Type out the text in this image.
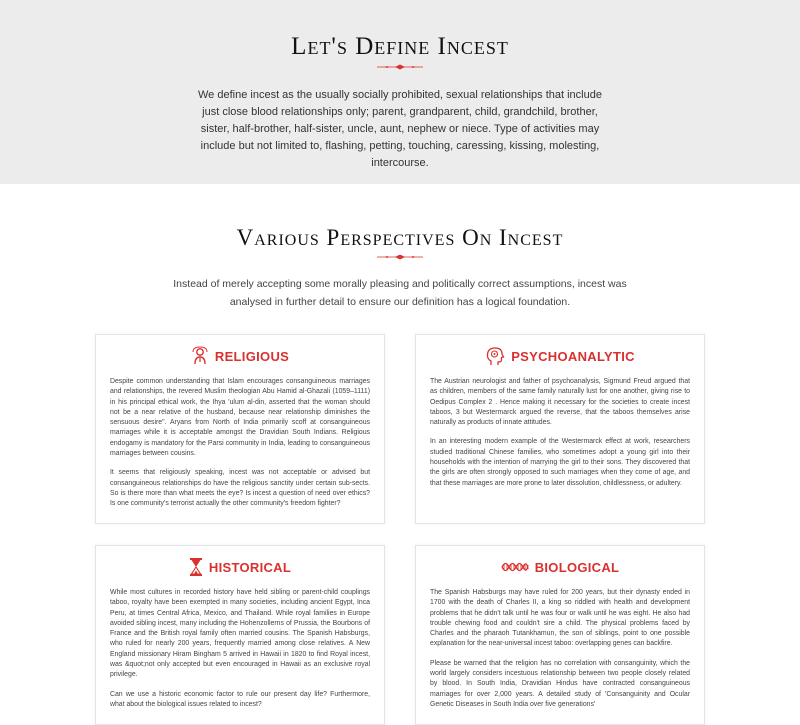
Let's Define Incest

We define incest as the usually socially prohibited, sexual relationships that include just close blood relationships only; parent, grandparent, child, grandchild, brother, sister, half-brother, half-sister, uncle, aunt, nephew or niece. Type of activities may include but not limited to, flashing, petting, touching, caressing, kissing, molesting, intercourse.

Various Perspectives On Incest

Instead of merely accepting some morally pleasing and politically correct assumptions, incest was analysed in further detail to ensure our definition has a logical foundation.

RELIGIOUS

Despite common understanding that Islam encourages consanguineous marriages and relationships, the revered Muslim theologian Abu Hamid al-Ghazali (1059–1111) in his principal ethical work, the Ihya 'ulum al-din, asserted that the woman should not be a near relative of the husband, because near relationship diminishes the sensuous desire". Aryans from North of India primarily scoff at consanguineous marriages while it is acceptable amongst the Dravidian South Indians. Religious endogamy is mandatory for the Parsi community in India, leading to consanguineous marriages between cousins.

It seems that religiously speaking, incest was not acceptable or advised but consanguineous relationships do have the religious sanctity under certain sub-sects. So is there more than what meets the eye? Is incest a question of need over ethics? Is one community's terrorist actually the other community's freedom fighter?

PSYCHOANALYTIC

The Austrian neurologist and father of psychoanalysis, Sigmund Freud argued that as children, members of the same family naturally lust for one another, giving rise to Oedipus Complex 2 . Hence making it necessary for the societies to create incest taboos, 3 but Westermarck argued the reverse, that the taboos themselves arise naturally as products of innate attitudes.

In an interesting modern example of the Westermarck effect at work, researchers studied traditional Chinese families, who sometimes adopt a young girl into their households with the intention of marrying the girl to their sons. They discovered that the girls are often strongly opposed to such marriages when they come of age, and that these marriages are more prone to later dissolution, childlessness, or adultery.

HISTORICAL

While most cultures in recorded history have held sibling or parent-child couplings taboo, royalty have been exempted in many societies, including ancient Egypt, Inca Peru, at times Central Africa, Mexico, and Thailand. While royal families in Europe avoided sibling incest, many including the Hohenzollerns of Prussia, the Bourbons of France and the British royal family often married cousins. The Spanish Habsburgs, who ruled for nearly 200 years, frequently married among close relatives. A New England missionary Hiram Bingham 5 arrived in Hawaii in 1820 to find Royal incest, was &quot;not only accepted but even encouraged in Hawaii as an exclusive royal privilege.

Can we use a historic economic factor to rule our present day life? Furthermore, what about the biological issues related to incest?

BIOLOGICAL

The Spanish Habsburgs may have ruled for 200 years, but their dynasty ended in 1700 with the death of Charles II, a king so riddled with health and development problems that he didn't talk until he was four or walk until he was eight. He also had trouble chewing food and couldn't sire a child. The physical problems faced by Charles and the pharaoh Tutankhamun, the son of siblings, point to one possible explanation for the near-universal incest taboo: overlapping genes can backfire.

Please be warned that the religion has no correlation with consanguinity, which the world largely considers incestuous relationship between two people closely related by blood. In South India, Dravidian Hindus have contracted consanguineous marriages for over 2,000 years. A detailed study of 'Consanguinity and Ocular Genetic Diseases in South India over five generations'
